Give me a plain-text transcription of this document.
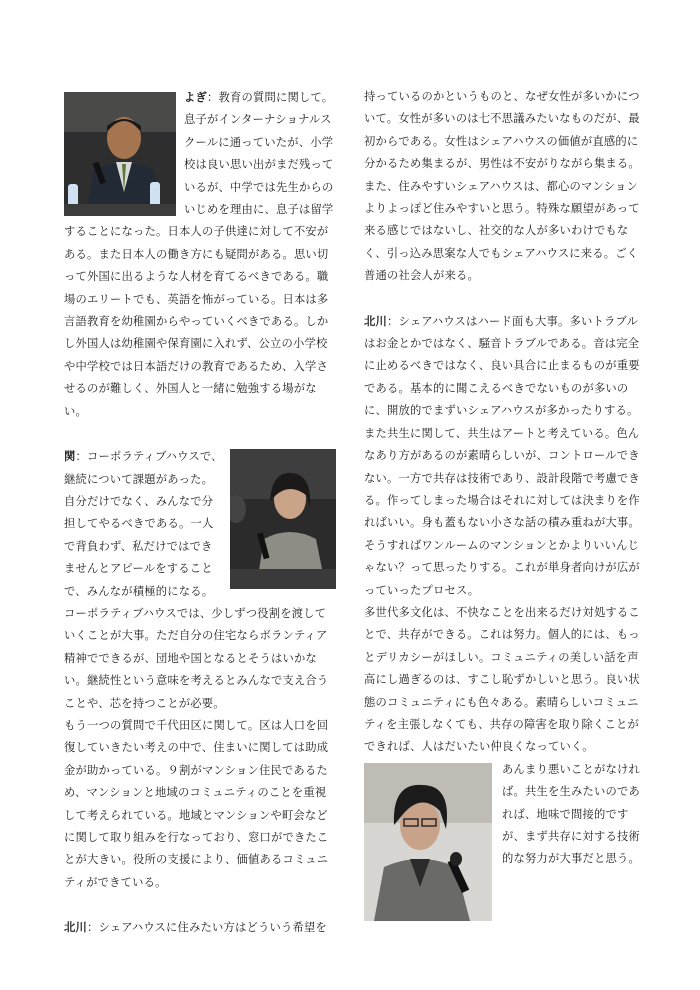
よぎ：教育の質問に関して。息子がインターナショナルスクールに通っていたが、小学校は良い思い出がまだ残っているが、中学では先生からのいじめを理由に、息子は留学することになった。日本人の子供達に対して不安がある。また日本人の働き方にも疑問がある。思い切って外国に出るような人材を育てるべきである。職場のエリートでも、英語を怖がっている。日本は多言語教育を幼稚園からやっていくべきである。しかし外国人は幼稚園や保育園に入れず、公立の小学校や中学校では日本語だけの教育であるため、入学させるのが難しく、外国人と一緒に勉強する場がない。

関：コーポラティブハウスで、継続について課題があった。自分だけでなく、みんなで分担してやるべきである。一人で背負わず、私だけではできませんとアピールをすることで、みんなが積極的になる。コーポラティブハウスでは、少しずつ役割を渡していくことが大事。ただ自分の住宅ならボランティア精神でできるが、団地や国となるとそうはいかない。継続性という意味を考えるとみんなで支え合うことや、芯を持つことが必要。

もう一つの質問で千代田区に関して。区は人口を回復していきたい考えの中で、住まいに関しては助成金が助かっている。９割がマンション住民であるため、マンションと地域のコミュニティのことを重視して考えられている。地域とマンションや町会などに関して取り組みを行なっており、窓口ができたことが大きい。役所の支援により、価値あるコミュニティができている。

北川：シェアハウスに住みたい方はどういう希望を

持っているのかというものと、なぜ女性が多いかについて。女性が多いのは七不思議みたいなものだが、最初からである。女性はシェアハウスの価値が直感的に分かるため集まるが、男性は不安がりながら集まる。また、住みやすいシェアハウスは、都心のマンションよりよっぽど住みやすいと思う。特殊な願望があって来る感じではないし、社交的な人が多いわけでもなく、引っ込み思案な人でもシェアハウスに来る。ごく普通の社会人が来る。

北川：シェアハウスはハード面も大事。多いトラブルはお金とかではなく、騒音トラブルである。音は完全に止めるべきではなく、良い具合に止まるものが重要である。基本的に聞こえるべきでないものが多いのに、開放的でまずいシェアハウスが多かったりする。また共生に関して、共生はアートと考えている。色んなあり方があるのが素晴らしいが、コントロールできない。一方で共存は技術であり、設計段階で考慮できる。作ってしまった場合はそれに対しては決まりを作ればいい。身も蓋もない小さな話の積み重ねが大事。そうすればワンルームのマンションとかよりいいんじゃない？って思ったりする。これが単身者向けが広がっていったプロセス。

多世代多文化は、不快なことを出来るだけ対処することで、共存ができる。これは努力。個人的には、もっとデリカシーがほしい。コミュニティの美しい話を声高にし過ぎるのは、すこし恥ずかしいと思う。良い状態のコミュニティにも色々ある。素晴らしいコミュニティを主張しなくても、共存の障害を取り除くことができれば、人はだいたい仲良くなっていく。

あんまり悪いことがなければ。共生を生みたいのであれば、地味で間接的ですが、まず共存に対する技術的な努力が大事だと思う。
